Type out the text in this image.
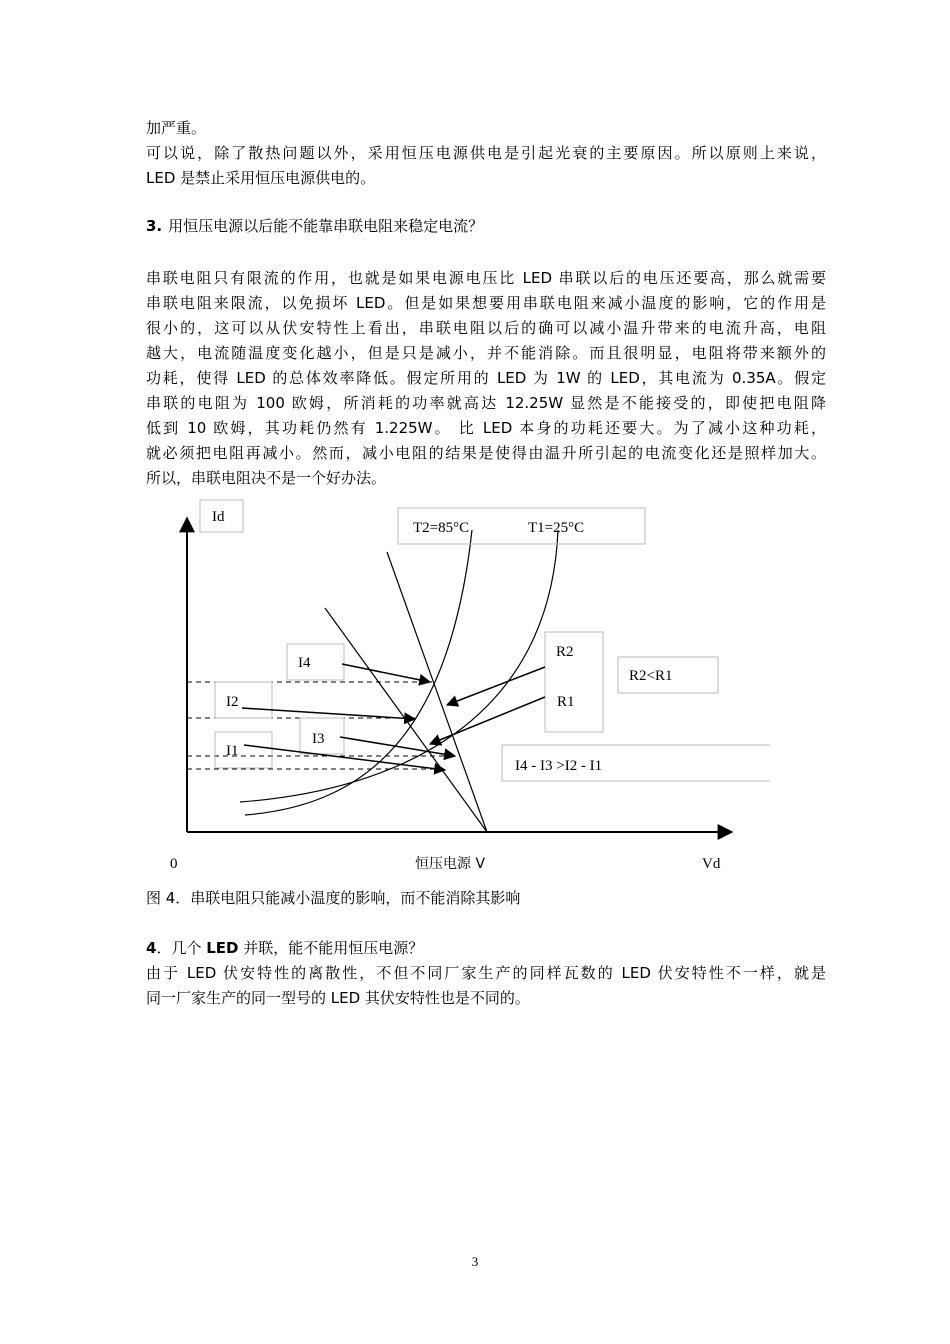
加严重。
可以说，除了散热问题以外，采用恒压电源供电是引起光衰的主要原因。所以原则上来说，
LED 是禁止采用恒压电源供电的。
3. 用恒压电源以后能不能靠串联电阻来稳定电流？
串联电阻只有限流的作用，也就是如果电源电压比 LED 串联以后的电压还要高，那么就需要
串联电阻来限流，以免损坏 LED。但是如果想要用串联电阻来减小温度的影响，它的作用是
很小的，这可以从伏安特性上看出，串联电阻以后的确可以减小温升带来的电流升高，电阻
越大，电流随温度变化越小，但是只是减小，并不能消除。而且很明显，电阻将带来额外的
功耗，使得 LED 的总体效率降低。假定所用的 LED 为 1W 的 LED，其电流为 0.35A。假定
串联的电阻为 100 欧姆，所消耗的功率就高达 12.25W 显然是不能接受的，即使把电阻降
低到 10 欧姆，其功耗仍然有 1.225W。 比 LED 本身的功耗还要大。为了减小这种功耗，
就必须把电阻再减小。然而，减小电阻的结果是使得由温升所引起的电流变化还是照样加大。
所以，串联电阻决不是一个好办法。
Id
T2=85°C	T1=25°C
I4
I2
I3
I1
R2
R1
R2<R1
I4 - I3 >I2 - I1
0	恒压电源 V	Vd
图 4．串联电阻只能减小温度的影响，而不能消除其影响
4．几个 LED 并联，能不能用恒压电源？
由于 LED 伏安特性的离散性，不但不同厂家生产的同样瓦数的 LED 伏安特性不一样，就是
同一厂家生产的同一型号的 LED 其伏安特性也是不同的。
3
